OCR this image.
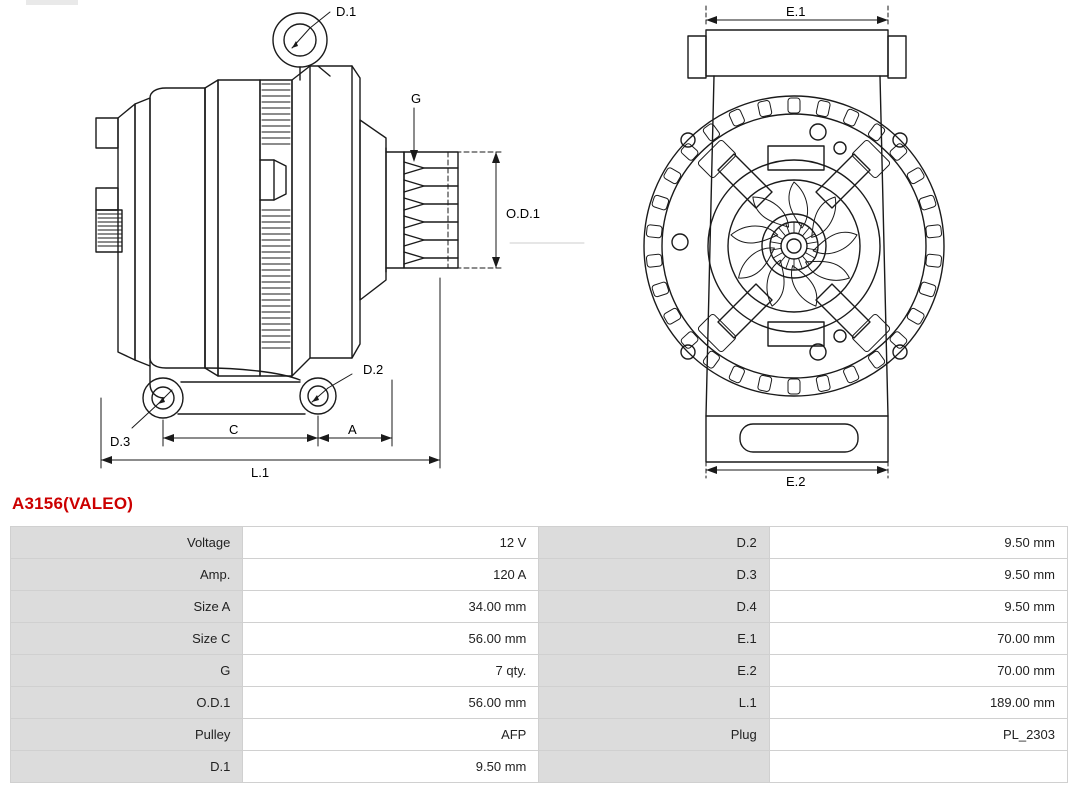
D.1
D.2
D.3
G
O.D.1
C	A
L.1
E.1
E.2
A3156(VALEO)
Voltage	12 V	D.2	9.50 mm
Amp.	120 A	D.3	9.50 mm
Size A	34.00 mm	D.4	9.50 mm
Size C	56.00 mm	E.1	70.00 mm
G	7 qty.	E.2	70.00 mm
O.D.1	56.00 mm	L.1	189.00 mm
Pulley	AFP	Plug	PL_2303
D.1	9.50 mm		
